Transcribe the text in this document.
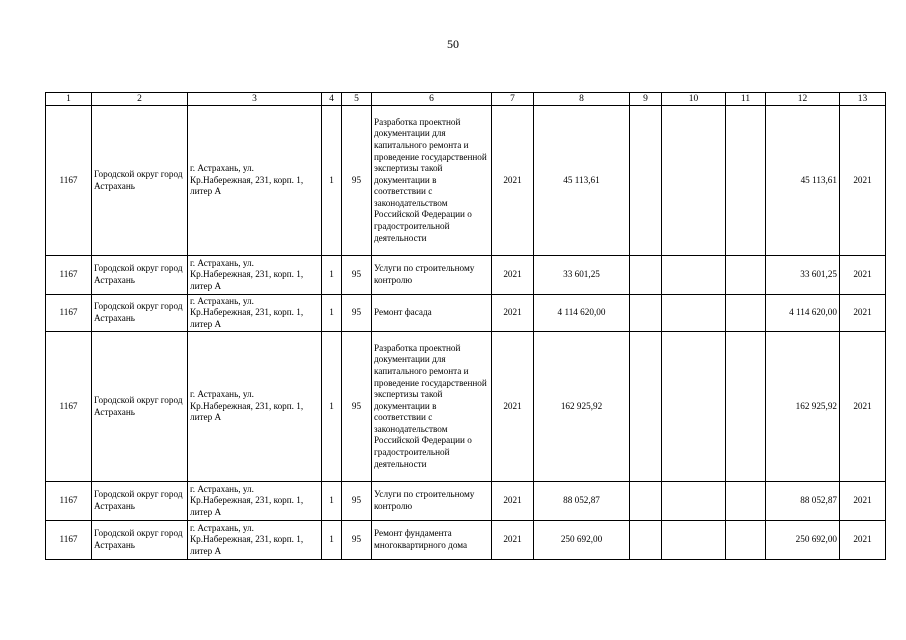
50
1	2	3	4	5	6	7	8	9	10	11	12	13
1167	Городской округ город Астрахань	г. Астрахань, ул. Кр.Набережная, 231, корп. 1, литер А	1	95	Разработка проектной документации для капитального ремонта и проведение государственной экспертизы такой документации в соответствии с законодательством Российской Федерации о градостроительной деятельности	2021	45 113,61				45 113,61	2021
1167	Городской округ город Астрахань	г. Астрахань, ул. Кр.Набережная, 231, корп. 1, литер А	1	95	Услуги по строительному контролю	2021	33 601,25				33 601,25	2021
1167	Городской округ город Астрахань	г. Астрахань, ул. Кр.Набережная, 231, корп. 1, литер А	1	95	Ремонт фасада	2021	4 114 620,00				4 114 620,00	2021
1167	Городской округ город Астрахань	г. Астрахань, ул. Кр.Набережная, 231, корп. 1, литер А	1	95	Разработка проектной документации для капитального ремонта и проведение государственной экспертизы такой документации в соответствии с законодательством Российской Федерации о градостроительной деятельности	2021	162 925,92				162 925,92	2021
1167	Городской округ город Астрахань	г. Астрахань, ул. Кр.Набережная, 231, корп. 1, литер А	1	95	Услуги по строительному контролю	2021	88 052,87				88 052,87	2021
1167	Городской округ город Астрахань	г. Астрахань, ул. Кр.Набережная, 231, корп. 1, литер А	1	95	Ремонт фундамента многоквартирного дома	2021	250 692,00				250 692,00	2021
